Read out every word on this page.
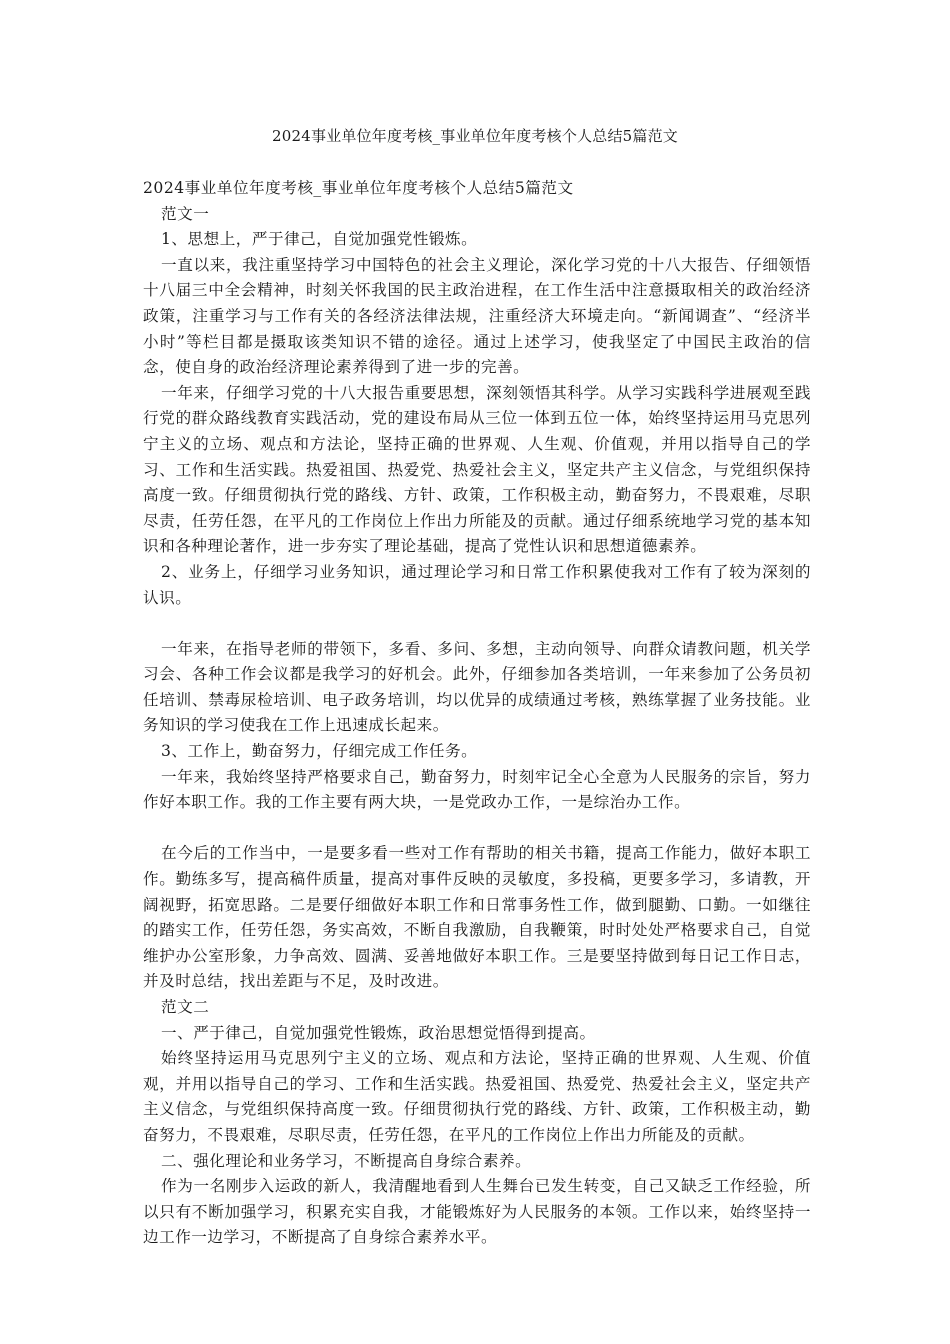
2024事业单位年度考核_事业单位年度考核个人总结5篇范文

2024事业单位年度考核_事业单位年度考核个人总结5篇范文

范文一

1、思想上，严于律己，自觉加强党性锻炼。

一直以来，我注重坚持学习中国特色的社会主义理论，深化学习党的十八大报告、仔细领悟十八届三中全会精神，时刻关怀我国的民主政治进程，在工作生活中注意摄取相关的政治经济政策，注重学习与工作有关的各经济法律法规，注重经济大环境走向。“新闻调查”、“经济半小时”等栏目都是摄取该类知识不错的途径。通过上述学习，使我坚定了中国民主政治的信念，使自身的政治经济理论素养得到了进一步的完善。

一年来，仔细学习党的十八大报告重要思想，深刻领悟其科学。从学习实践科学进展观至践行党的群众路线教育实践活动，党的建设布局从三位一体到五位一体，始终坚持运用马克思列宁主义的立场、观点和方法论，坚持正确的世界观、人生观、价值观，并用以指导自己的学习、工作和生活实践。热爱祖国、热爱党、热爱社会主义，坚定共产主义信念，与党组织保持高度一致。仔细贯彻执行党的路线、方针、政策，工作积极主动，勤奋努力，不畏艰难，尽职尽责，任劳任怨，在平凡的工作岗位上作出力所能及的贡献。通过仔细系统地学习党的基本知识和各种理论著作，进一步夯实了理论基础，提高了党性认识和思想道德素养。

2、业务上，仔细学习业务知识，通过理论学习和日常工作积累使我对工作有了较为深刻的认识。

一年来，在指导老师的带领下，多看、多问、多想，主动向领导、向群众请教问题，机关学习会、各种工作会议都是我学习的好机会。此外，仔细参加各类培训，一年来参加了公务员初任培训、禁毒尿检培训、电子政务培训，均以优异的成绩通过考核，熟练掌握了业务技能。业务知识的学习使我在工作上迅速成长起来。

3、工作上，勤奋努力，仔细完成工作任务。

一年来，我始终坚持严格要求自己，勤奋努力，时刻牢记全心全意为人民服务的宗旨，努力作好本职工作。我的工作主要有两大块，一是党政办工作，一是综治办工作。

在今后的工作当中，一是要多看一些对工作有帮助的相关书籍，提高工作能力，做好本职工作。勤练多写，提高稿件质量，提高对事件反映的灵敏度，多投稿，更要多学习，多请教，开阔视野，拓宽思路。二是要仔细做好本职工作和日常事务性工作，做到腿勤、口勤。一如继往的踏实工作，任劳任怨，务实高效，不断自我激励，自我鞭策，时时处处严格要求自己，自觉维护办公室形象，力争高效、圆满、妥善地做好本职工作。三是要坚持做到每日记工作日志，并及时总结，找出差距与不足，及时改进。

范文二

一、严于律己，自觉加强党性锻炼，政治思想觉悟得到提高。

始终坚持运用马克思列宁主义的立场、观点和方法论，坚持正确的世界观、人生观、价值观，并用以指导自己的学习、工作和生活实践。热爱祖国、热爱党、热爱社会主义，坚定共产主义信念，与党组织保持高度一致。仔细贯彻执行党的路线、方针、政策，工作积极主动，勤奋努力，不畏艰难，尽职尽责，任劳任怨，在平凡的工作岗位上作出力所能及的贡献。

二、强化理论和业务学习，不断提高自身综合素养。

作为一名刚步入运政的新人，我清醒地看到人生舞台已发生转变，自己又缺乏工作经验，所以只有不断加强学习，积累充实自我，才能锻炼好为人民服务的本领。工作以来，始终坚持一边工作一边学习，不断提高了自身综合素养水平。
